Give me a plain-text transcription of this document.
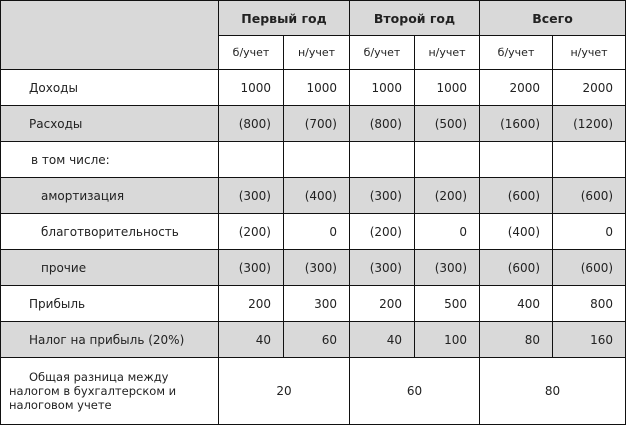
	Первый год		Второй год		Всего	
	б/учет	н/учет	б/учет	н/учет	б/учет	н/учет
Доходы	1000	1000	1000	1000	2000	2000
Расходы	(800)	(700)	(800)	(500)	(1600)	(1200)
в том числе:						
амортизация	(300)	(400)	(300)	(200)	(600)	(600)
благотворительность	(200)	0	(200)	0	(400)	0
прочие	(300)	(300)	(300)	(300)	(600)	(600)
Прибыль	200	300	200	500	400	800
Налог на прибыль (20%)	40	60	40	100	80	160
Общая разница между налогом в бухгалтерском и налоговом учете	20		60		80	
